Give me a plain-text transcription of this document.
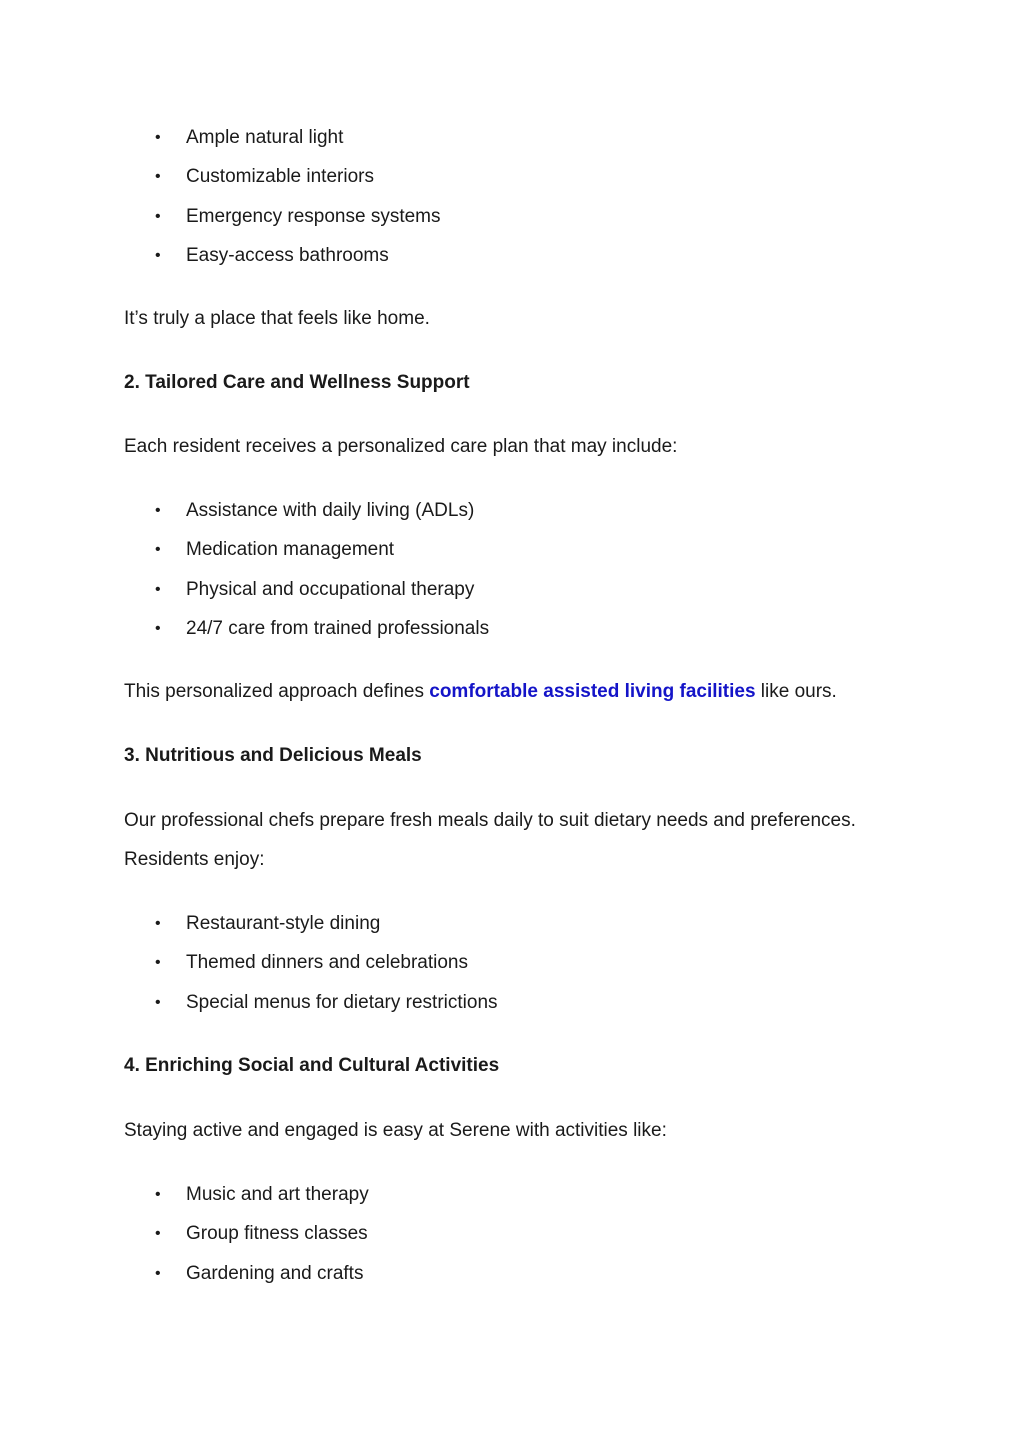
• Ample natural light
• Customizable interiors
• Emergency response systems
• Easy-access bathrooms
It’s truly a place that feels like home.
2. Tailored Care and Wellness Support
Each resident receives a personalized care plan that may include:
• Assistance with daily living (ADLs)
• Medication management
• Physical and occupational therapy
• 24/7 care from trained professionals
This personalized approach defines comfortable assisted living facilities like ours.
3. Nutritious and Delicious Meals
Our professional chefs prepare fresh meals daily to suit dietary needs and preferences.
Residents enjoy:
• Restaurant-style dining
• Themed dinners and celebrations
• Special menus for dietary restrictions
4. Enriching Social and Cultural Activities
Staying active and engaged is easy at Serene with activities like:
• Music and art therapy
• Group fitness classes
• Gardening and crafts
